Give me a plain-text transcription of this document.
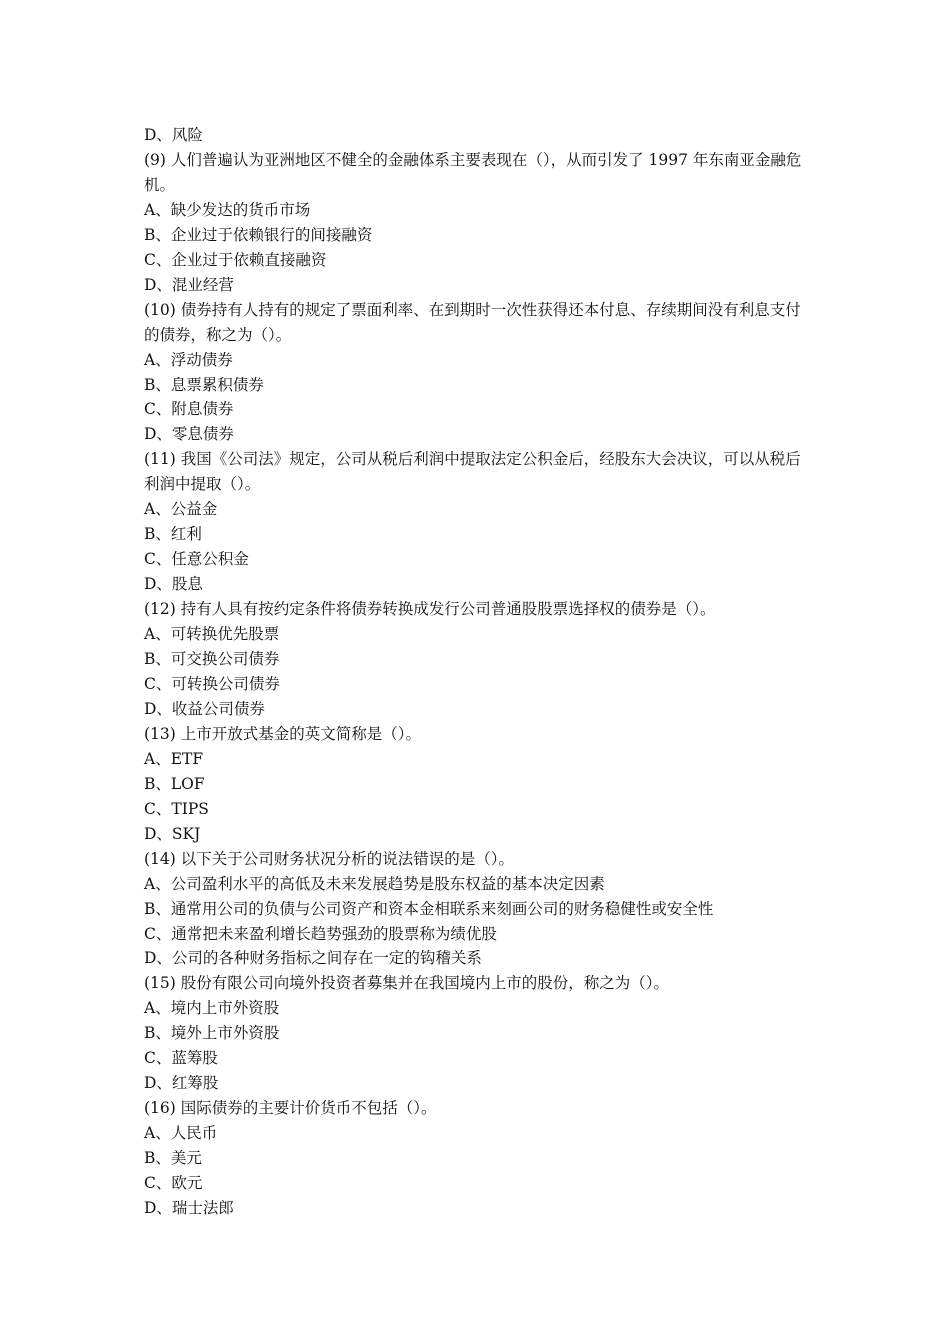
D、风险
(9) 人们普遍认为亚洲地区不健全的金融体系主要表现在（），从而引发了 1997 年东南亚金融危机。
A、缺少发达的货币市场
B、企业过于依赖银行的间接融资
C、企业过于依赖直接融资
D、混业经营
(10) 债券持有人持有的规定了票面利率、在到期时一次性获得还本付息、存续期间没有利息支付的债券，称之为（）。
A、浮动债券
B、息票累积债券
C、附息债券
D、零息债券
(11) 我国《公司法》规定，公司从税后利润中提取法定公积金后，经股东大会决议，可以从税后利润中提取（）。
A、公益金
B、红利
C、任意公积金
D、股息
(12) 持有人具有按约定条件将债券转换成发行公司普通股股票选择权的债券是（）。
A、可转换优先股票
B、可交换公司债券
C、可转换公司债券
D、收益公司债券
(13) 上市开放式基金的英文简称是（）。
A、ETF
B、LOF
C、TIPS
D、SKJ
(14) 以下关于公司财务状况分析的说法错误的是（）。
A、公司盈利水平的高低及未来发展趋势是股东权益的基本决定因素
B、通常用公司的负债与公司资产和资本金相联系来刻画公司的财务稳健性或安全性
C、通常把未来盈利增长趋势强劲的股票称为绩优股
D、公司的各种财务指标之间存在一定的钩稽关系
(15) 股份有限公司向境外投资者募集并在我国境内上市的股份，称之为（）。
A、境内上市外资股
B、境外上市外资股
C、蓝筹股
D、红筹股
(16) 国际债券的主要计价货币不包括（）。
A、人民币
B、美元
C、欧元
D、瑞士法郎
